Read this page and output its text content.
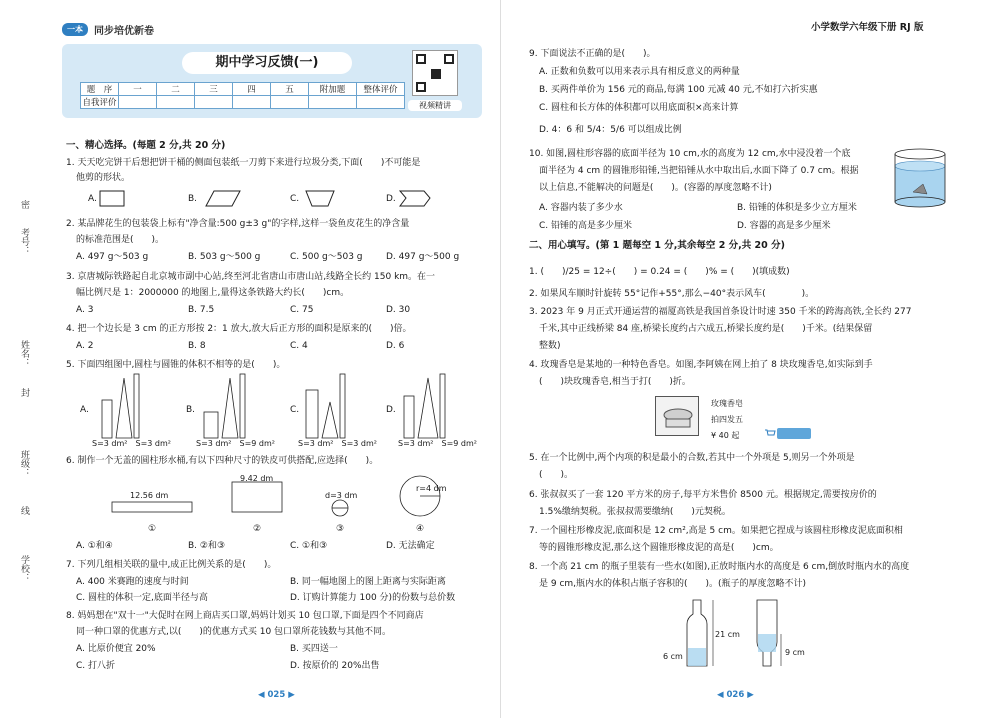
一本	同步培优新卷
期中学习反馈(一)
题　序	一	二	三	四	五	附加题	整体评价
自我评价								视频精讲
密
考号：
姓名：
封
班级：
线
学校：
一、精心选择。(每题 2 分,共 20 分)
1. 天天吃完饼干后想把饼干桶的侧面包装纸一刀剪下来进行垃圾分类,下面(　　)不可能是
他剪的形状。
A.	B.	C.	D.
2. 某品牌花生的包装袋上标有"净含量:500 g±3 g"的字样,这样一袋鱼皮花生的净含量
的标准范围是(　　)。
A. 497 g～503 g	B. 503 g～500 g	C. 500 g～503 g	D. 497 g～500 g
3. 京唐城际铁路起自北京城市副中心站,终至河北省唐山市唐山站,线路全长约 150 km。在一
幅比例尺是 1：2000000 的地图上,量得这条铁路大约长(　　)cm。
A. 3	B. 7.5	C. 75	D. 30
4. 把一个边长是 3 cm 的正方形按 2：1 放大,放大后正方形的面积是原来的(　　)倍。
A. 2	B. 8	C. 4	D. 6
5. 下面四组图中,圆柱与圆锥的体积不相等的是(　　)。
A.	B.	C.	D.
S=3 dm²　S=3 dm²	S=3 dm²　S=9 dm²	S=3 dm²　S=3 dm²	S=3 dm²　S=9 dm²
6. 制作一个无盖的圆柱形水桶,有以下四种尺寸的铁皮可供搭配,应选择(　　)。
12.56 dm
9.42 dm
d=3 dm
r=4 dm
①	②	③	④
A. ①和④	B. ②和③	C. ①和③	D. 无法确定
7. 下列几组相关联的量中,成正比例关系的是(　　)。
A. 400 米赛跑的速度与时间	B. 同一幅地图上的图上距离与实际距离
C. 圆柱的体积一定,底面半径与高	D. 订购计算能力 100 分)的份数与总价数
8. 妈妈想在"双十一"大促时在网上商店买口罩,妈妈计划买 10 包口罩,下面是四个不同商店
同一种口罩的优惠方式,以(　　)的优惠方式买 10 包口罩所花钱数与其他不同。
A. 比原价便宜 20%	B. 买四送一
C. 打八折	D. 按原价的 20%出售
◀ 025 ▶
小学数学六年级下册 RJ 版
9. 下面说法不正确的是(　　)。
A. 正数和负数可以用来表示具有相反意义的两种量
B. 买两件单价为 156 元的商品,每满 100 元减 40 元,不如打六折实惠
C. 圆柱和长方体的体积都可以用底面积×高来计算
D. 4：6 和 5/4：5/6 可以组成比例
10. 如图,圆柱形容器的底面半径为 10 cm,水的高度为 12 cm,水中浸没着一个底
面半径为 4 cm 的圆锥形铅锤,当把铅锤从水中取出后,水面下降了 0.7 cm。根据
以上信息,不能解决的问题是(　　)。(容器的厚度忽略不计)
A. 容器内装了多少水	B. 铅锤的体积是多少立方厘米
C. 铅锤的高是多少厘米	D. 容器的高是多少厘米
二、用心填写。(第 1 题每空 1 分,其余每空 2 分,共 20 分)
1. (　　)/25 = 12÷(　　) = 0.24 = (　　)% = (　　)(填成数)
2. 如果风车顺时针旋转 55°记作+55°,那么−40°表示风车(　　　　)。
3. 2023 年 9 月正式开通运营的福厦高铁是我国首条设计时速 350 千米的跨海高铁,全长约 277
千米,其中正线桥梁 84 座,桥梁长度约占六成五,桥梁长度约是(　　)千米。(结果保留
整数)
4. 玫瑰香皂是某地的一种特色香皂。如图,李阿姨在网上拍了 8 块玫瑰香皂,如实际到手
(　　)块玫瑰香皂,相当于打(　　)折。
玫瑰香皂
拍四发五
¥ 40 起
5. 在一个比例中,两个内项的积是最小的合数,若其中一个外项是 5,则另一个外项是
(　　)。
6. 张叔叔买了一套 120 平方米的房子,每平方米售价 8500 元。根据规定,需要按房价的
1.5%缴纳契税。张叔叔需要缴纳(　　)元契税。
7. 一个圆柱形橡皮泥,底面积是 12 cm²,高是 5 cm。如果把它捏成与该圆柱形橡皮泥底面积相
等的圆锥形橡皮泥,那么这个圆锥形橡皮泥的高是(　　)cm。
8. 一个高 21 cm 的瓶子里装有一些水(如图),正放时瓶内水的高度是 6 cm,倒放时瓶内水的高度
是 9 cm,瓶内水的体积占瓶子容积的(　　)。(瓶子的厚度忽略不计)
21 cm
6 cm	9 cm
◀ 026 ▶
